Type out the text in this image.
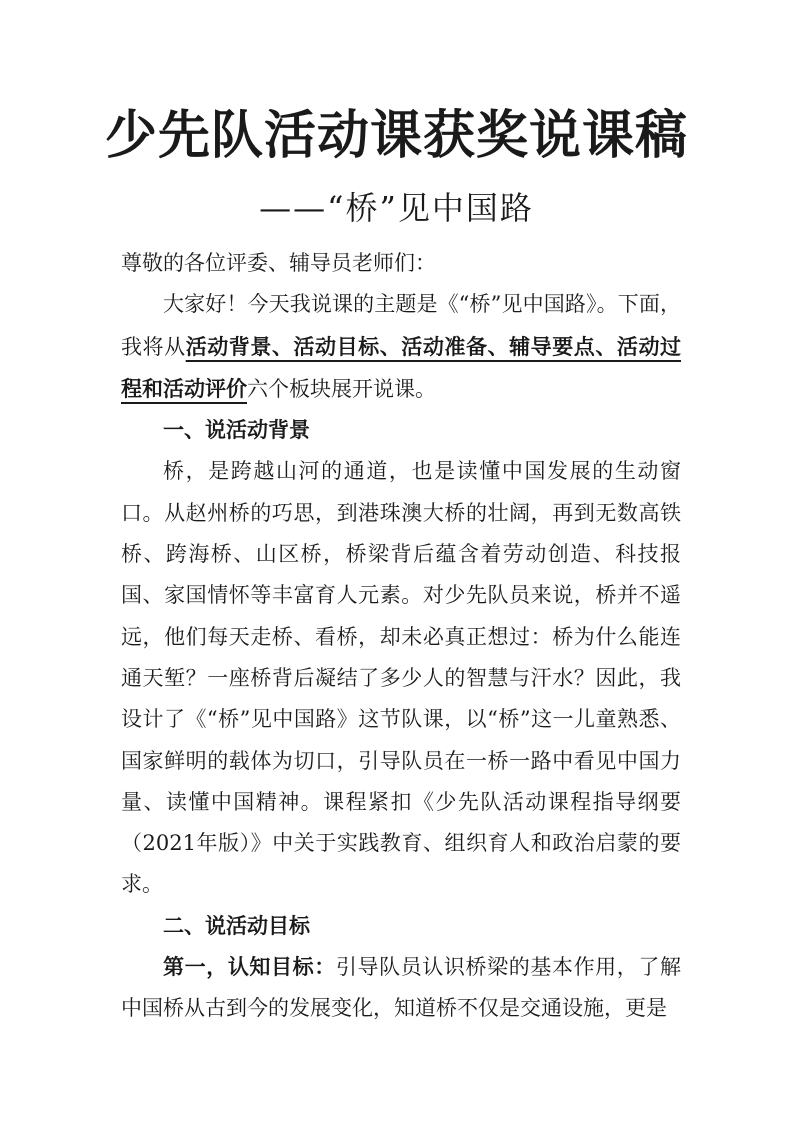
少先队活动课获奖说课稿
——“桥”见中国路

尊敬的各位评委、辅导员老师们：

大家好！今天我说课的主题是《“桥”见中国路》。下面，我将从活动背景、活动目标、活动准备、辅导要点、活动过程和活动评价六个板块展开说课。

一、说活动背景

桥，是跨越山河的通道，也是读懂中国发展的生动窗口。从赵州桥的巧思，到港珠澳大桥的壮阔，再到无数高铁桥、跨海桥、山区桥，桥梁背后蕴含着劳动创造、科技报国、家国情怀等丰富育人元素。对少先队员来说，桥并不遥远，他们每天走桥、看桥，却未必真正想过：桥为什么能连通天堑？一座桥背后凝结了多少人的智慧与汗水？因此，我设计了《“桥”见中国路》这节队课，以“桥”这一儿童熟悉、国家鲜明的载体为切口，引导队员在一桥一路中看见中国力量、读懂中国精神。课程紧扣《少先队活动课程指导纲要（2021年版）》中关于实践教育、组织育人和政治启蒙的要求。

二、说活动目标

第一，认知目标：引导队员认识桥梁的基本作用，了解中国桥从古到今的发展变化，知道桥不仅是交通设施，更是
